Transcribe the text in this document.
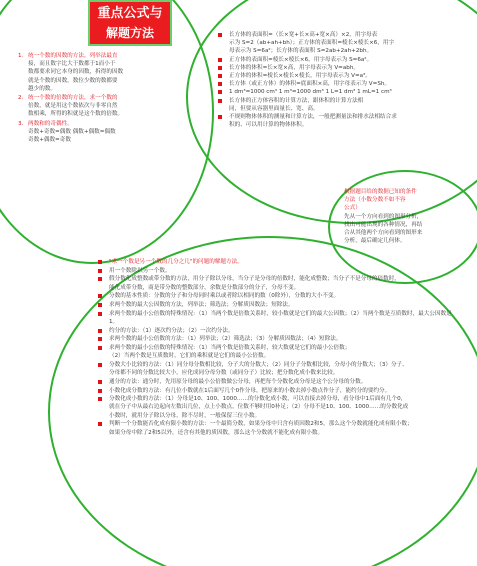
重点公式与
解题方法
1. 统一个数的因数的方法，列举法最直
接，而且数字比大于数都于1而小于
数都要求同它本身的因数，拆得的因数
就是个数的因数，数位少数的数都要
越少的数。
2. 统一个数的倍数的方法，求一个数的
倍数，就是用这个数依次与非零自然
数相乘，所得的积就是这个数的倍数。
3. 两数和的奇偶性。
奇数+奇数=偶数 偶数+偶数=偶数
奇数+偶数=奇数
长方体的表面积=（长×宽+长×高+宽×高）×2，用字母表
示为 S=2（ab+ah+bh）；正方体的表面积=棱长×棱长×6，用字
母表示为 S=6a²；长方体的表面积 S=2ab+2ah+2bh。
正方体的表面积=棱长×棱长×6，用字母表示为 S=6a²。
长方体的体积=长×宽×高，用字母表示为 V=abh。
正方体的体积=棱长×棱长×棱长，用字母表示为 V=a³。
长方体（或正方体）的体积=底面积×高，用字母表示为 V=Sh。
1 dm³=1000 cm³ 1 m³=1000 dm³ 1 L=1 dm³ 1 mL=1 cm³
长方体的正方体容积的计算方法，跟体积的计算方法相
同，但要从容器里面量长、宽、高。
不规则物体体积的测量和计算方法，一般把测量法和排水法相结合求
积的、可以用计算的物体体积。
根据题目给的数据已知的条件
方法（小数分数不如不容
公式）
先从一个方向看到的图形分析，
找出可能出现的各种情况，再结
合从其他两个方向看到的图形来
分析，最后确定几何体。
"求一个数是另一个数的几分之几"的问题的解题方法。
用一个数除以另一个数。
假分数化成整数或带分数的方法，用分子除以分母，当分子是分母的倍数时，能化成整数；当分子不是分母的倍数时，
能化成带分数，商是带分数的整数部分，余数是分数部分的分子，分母不变。
分数的基本性质：分数的分子和分母同时乘以或者除以相同的数（0除外），分数的大小不变。
求两个数的最大公因数的方法，列举法；筛选法；分解质因数法；短除法。
求两个数的最小公倍数的特殊情况：（1）当两个数是倍数关系时，较小数就是它们的最大公因数；（2）当两个数是互质数时，最大公因数是 1。
约分的方法：（1）逐次约分法；（2）一次约分法。
求两个数的最小公倍数的方法：（1）列举法；（2）筛选法；（3）分解质因数法；（4）短除法。
求两个数的最小公倍数的特殊情况：（1）当两个数是倍数关系时，较大数就是它们的最小公倍数；
（2）当两个数是互质数时，它们的乘积就是它们的最小公倍数。
分数大小比较的方法：（1）同分母分数相比较，分子大的分数大；（2）同分子分数相比较，分母小的分数大；（3）分子、
分母都不同的分数比较大小，应化成同分母分数（或同分子）比较；把分数化成小数来比较。
通分的方法：通分时，先用原分母的最小公倍数做公分母，再把每个分数化成分母是这个公分母的分数。
小数化成分数的方法：有几位小数就在1后面写几个0作分母，把原来的小数去掉小数点作分子，能约分的要约分。
分数化成小数的方法：（1）分母是10、100、1000……的分数化成小数，可以直接去掉分母，看分母中1后面有几个0，
就在分子中从最右边起向左数出几位，点上小数点，位数不够时用0补足；（2）分母不是10、100、1000……的分数化成
小数时，就用分子除以分母，除不尽时，一般保留三位小数。
判断一个分数能否化成有限小数的方法：一个最简分数，如果分母中只含有质因数2和5，那么这个分数就能化成有限小数；
如果分母中除了2和5以外，还含有其他的质因数，那么这个分数就不能化成有限小数。
